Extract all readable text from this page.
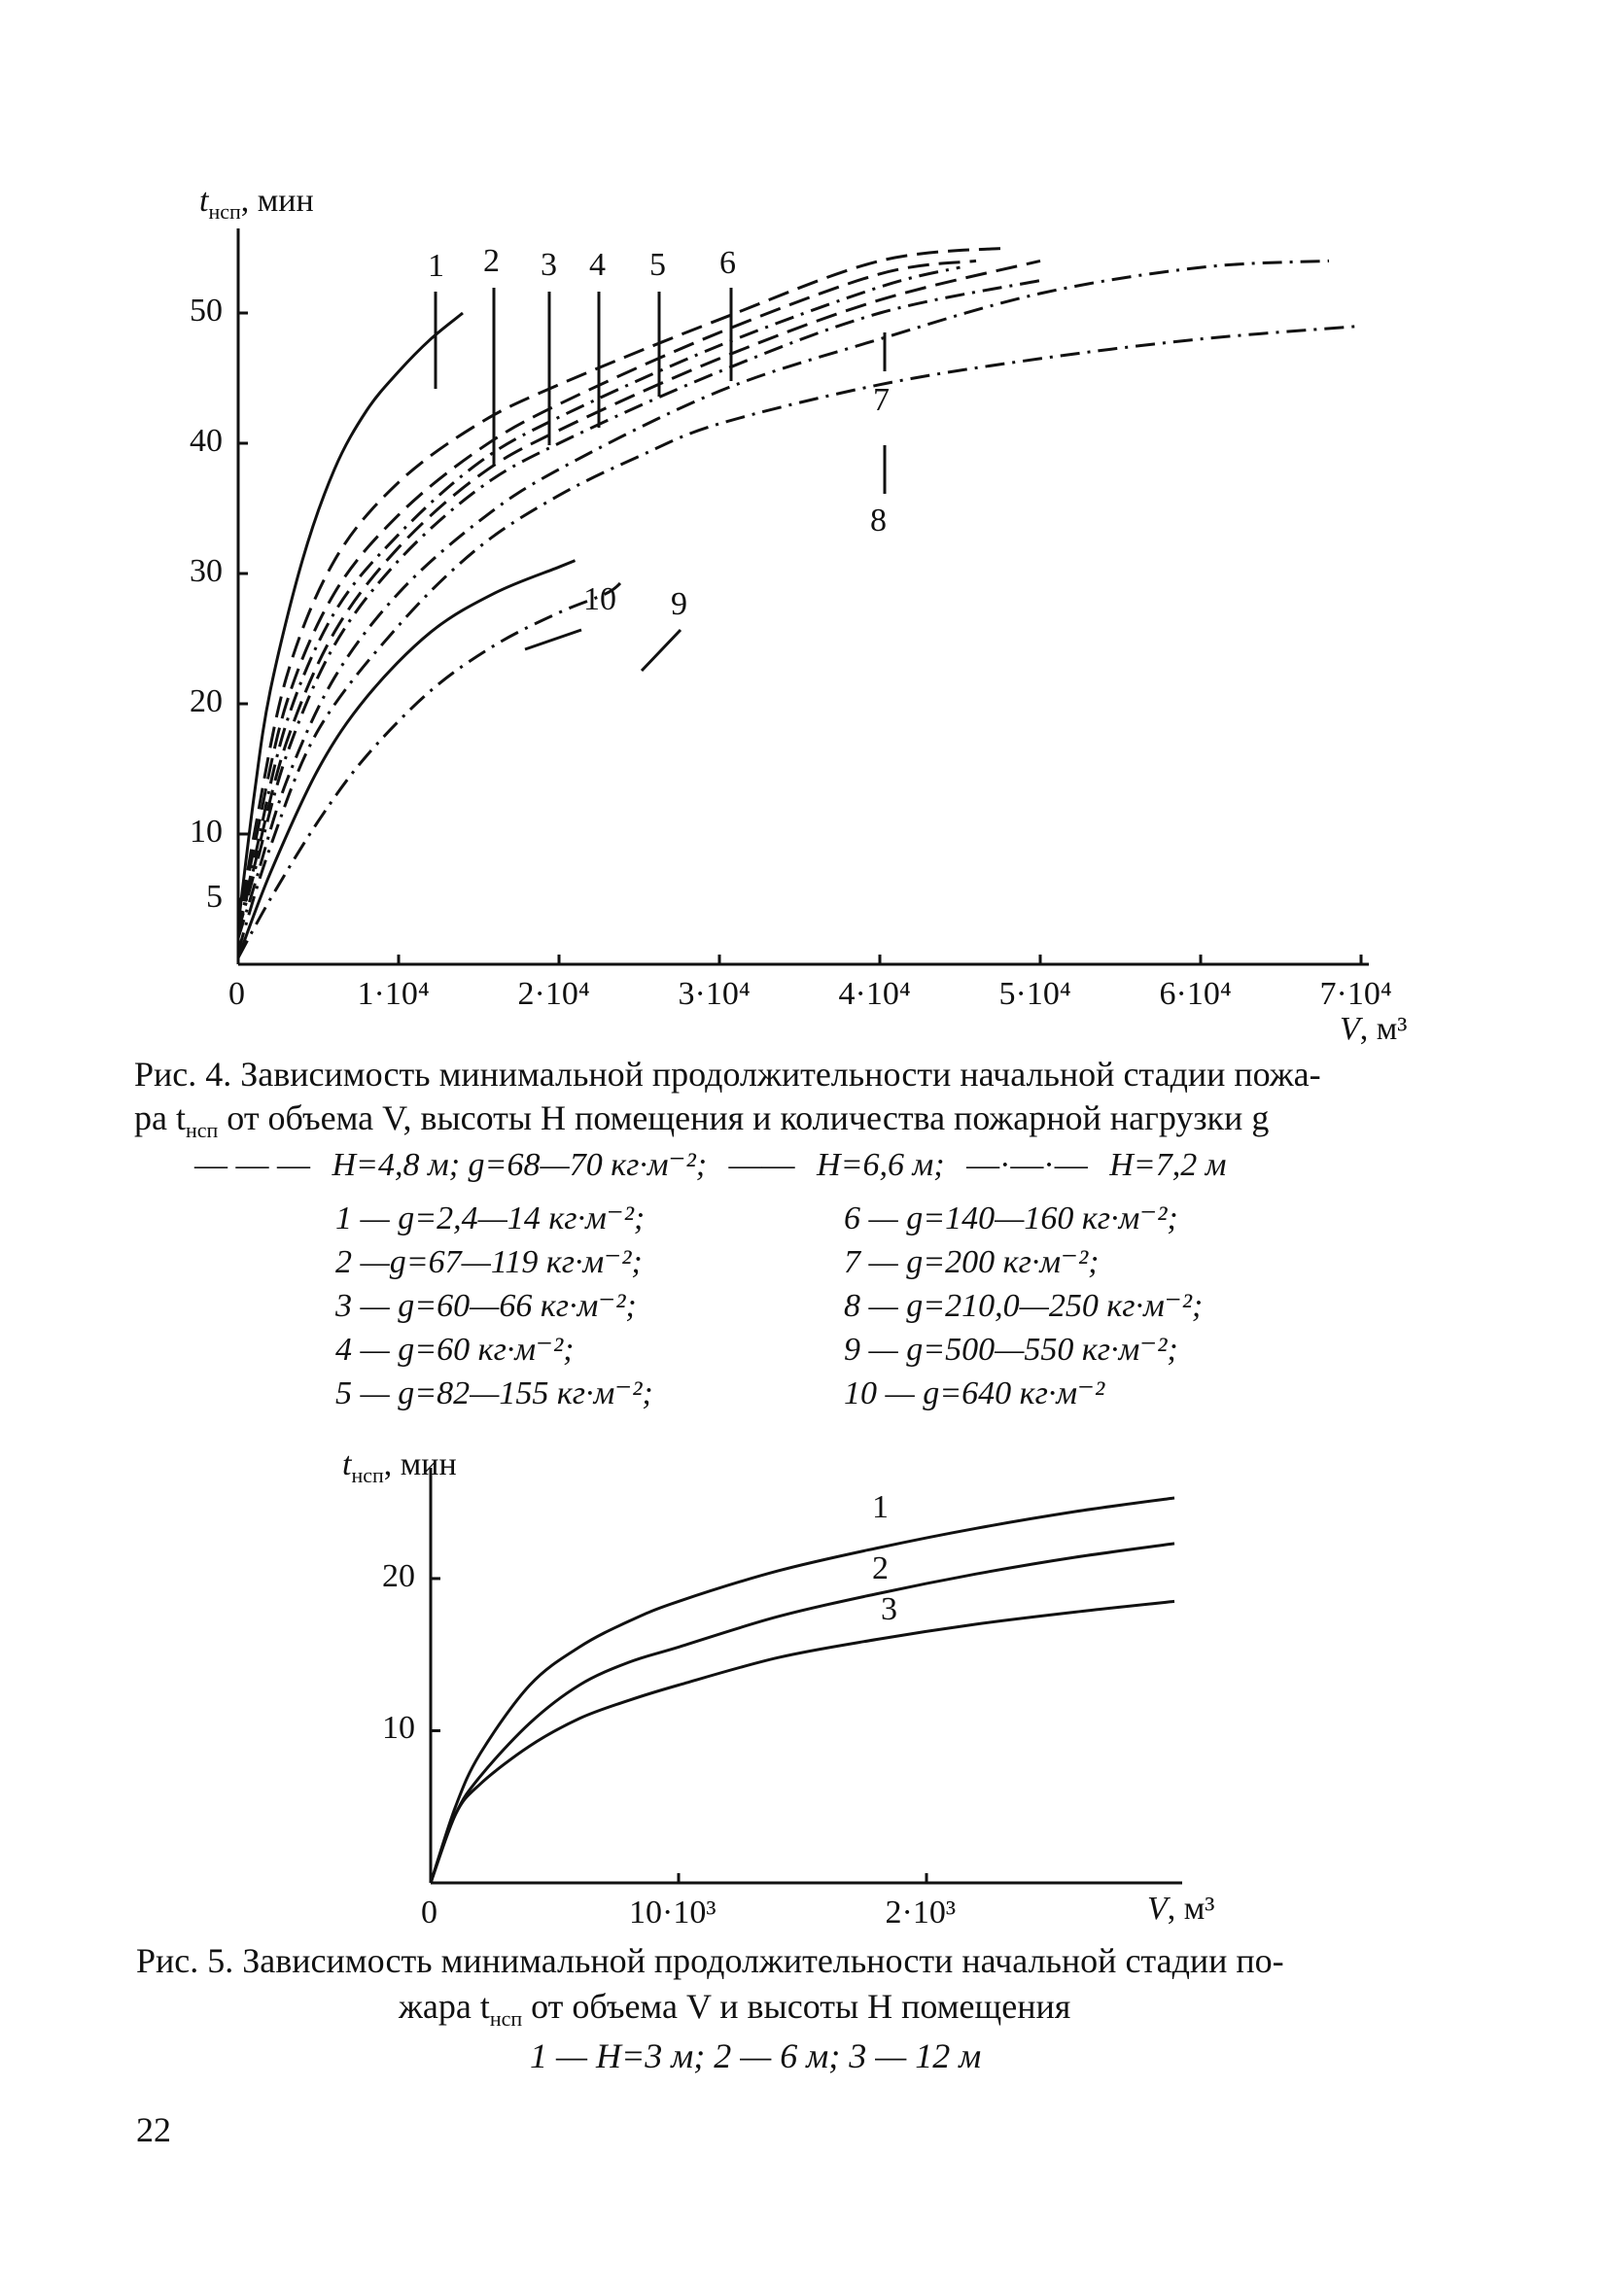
$t_{нсп}$, мин
V, м³
0	1·10⁴	2·10⁴	3·10⁴	4·10⁴	5·10⁴	6·10⁴	7·10⁴
5
10
20
30
40
50
1 2 3 4 5 6
7
8
9
10
Рис. 4. Зависимость минимальной продолжительности начальной стадии пожа-
ра $t_{нсп}$ от объема V, высоты H помещения и количества пожарной нагрузки g
— — — H=4,8 м; g=68—70 кг·м⁻²; —— H=6,6 м; —·—·— H=7,2 м
1 — g=2,4—14 кг·м⁻²;
2 —g=67—119 кг·м⁻²;
3 — g=60—66 кг·м⁻²;
4 — g=60 кг·м⁻²;
5 — g=82—155 кг·м⁻²;
6 — g=140—160 кг·м⁻²;
7 — g=200 кг·м⁻²;
8 — g=210,0—250 кг·м⁻²;
9 — g=500—550 кг·м⁻²;
10 — g=640 кг·м⁻²
$t_{нсп}$, мин
V, м³
0	10·10³	2·10³
10
20
1
2
3
Рис. 5. Зависимость минимальной продолжительности начальной стадии по-
жара $t_{нсп}$ от объема V и высоты H помещения
1 — H=3 м; 2 — 6 м; 3 — 12 м
22
